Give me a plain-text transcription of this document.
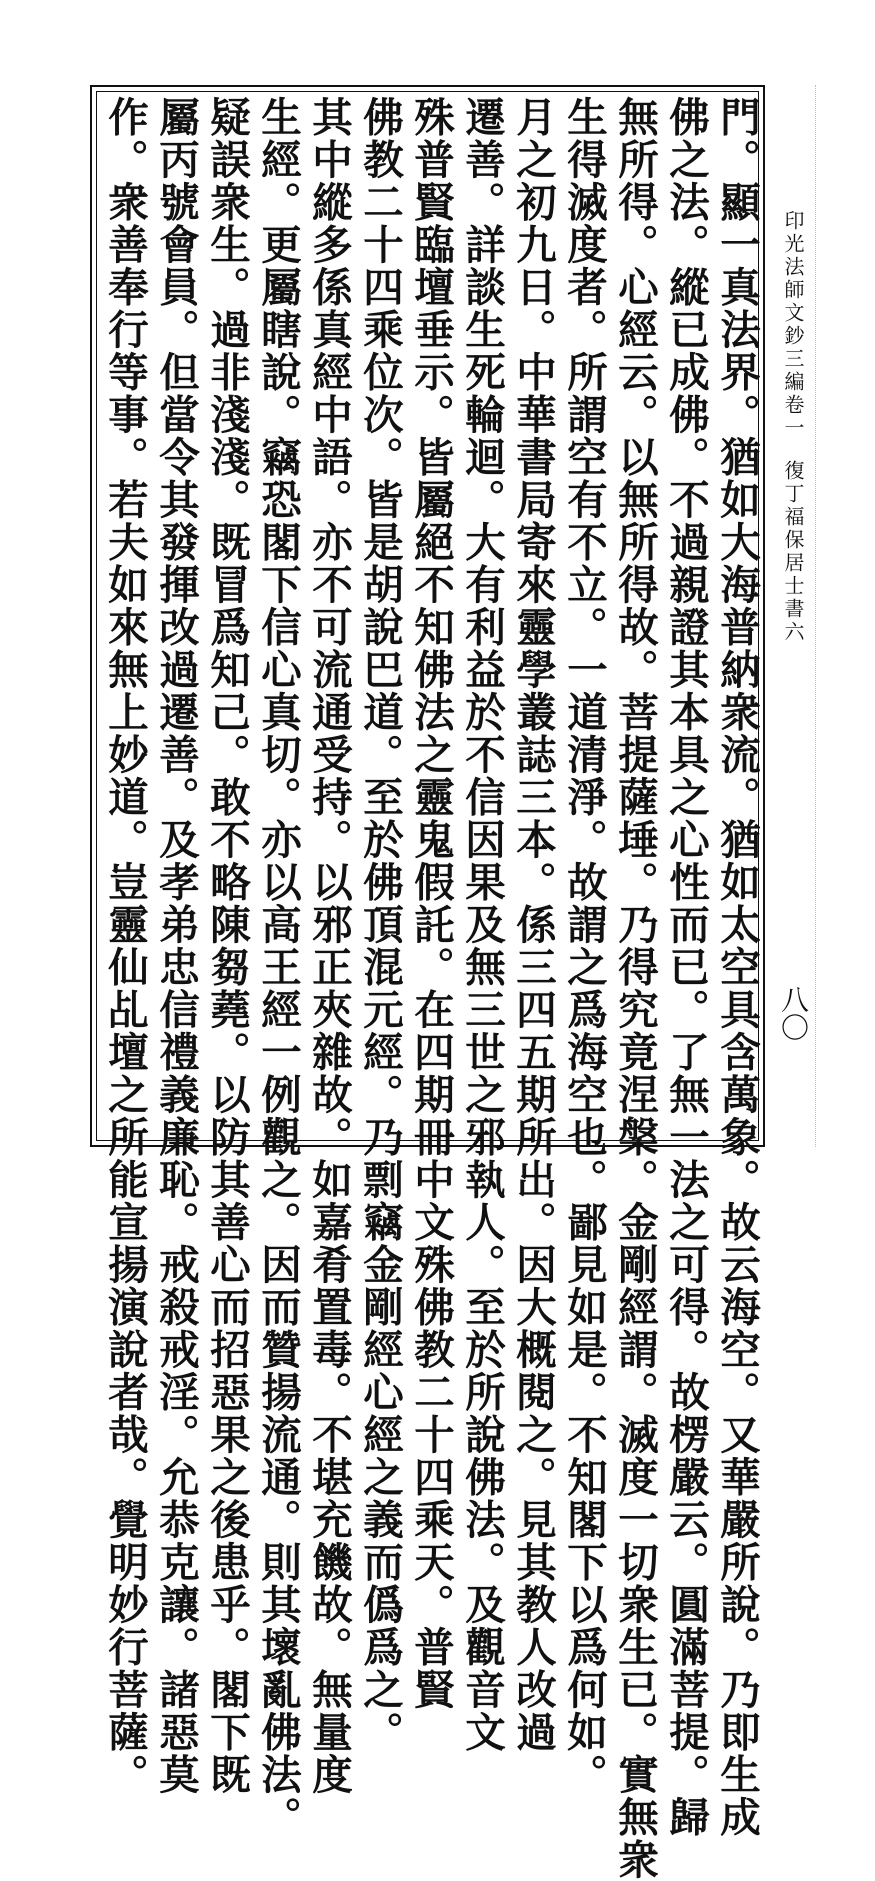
印光法師文鈔三編卷一
復丁福保居士書六
八〇
門。顯一真法界。猶如大海普納衆流。猶如太空具含萬象。故云海空。又華嚴所說。乃即生成
佛之法。縱已成佛。不過親證其本具之心性而已。了無一法之可得。故楞嚴云。圓滿菩提。歸
無所得。心經云。以無所得故。菩提薩埵。乃得究竟涅槃。金剛經謂。滅度一切衆生已。實無衆
生得滅度者。所謂空有不立。一道清淨。故謂之爲海空也。鄙見如是。不知閣下以爲何如。
月之初九日。中華書局寄來靈學叢誌三本。係三四五期所出。因大概閱之。見其教人改過
遷善。詳談生死輪迴。大有利益於不信因果及無三世之邪執人。至於所說佛法。及觀音文
殊普賢臨壇垂示。皆屬絕不知佛法之靈鬼假託。在四期冊中文殊佛教二十四乘天。普賢
佛教二十四乘位次。皆是胡說巴道。至於佛頂混元經。乃剽竊金剛經心經之義而僞爲之。
其中縱多係真經中語。亦不可流通受持。以邪正夾雜故。如嘉肴置毒。不堪充饑故。無量度
生經。更屬瞎說。竊恐閣下信心真切。亦以高王經一例觀之。因而贊揚流通。則其壞亂佛法。
疑誤衆生。過非淺淺。既冒爲知己。敢不略陳芻蕘。以防其善心而招惡果之後患乎。閣下既
屬丙號會員。但當令其發揮改過遷善。及孝弟忠信禮義廉恥。戒殺戒淫。允恭克讓。諸惡莫
作。衆善奉行等事。若夫如來無上妙道。豈靈仙乩壇之所能宣揚演說者哉。覺明妙行菩薩。
